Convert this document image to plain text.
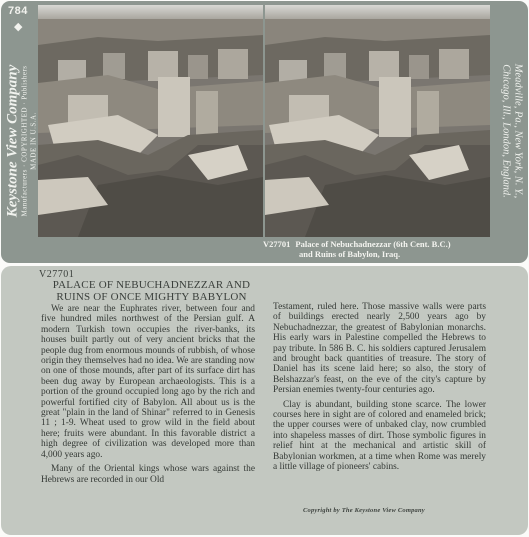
784
◆
Keystone View Company Manufacturers · COPYRIGHTED · Publishers MADE IN U.S.A.
V27701 Palace of Nebuchadnezzar (6th Cent. B.C.)
and Ruins of Babylon, Iraq.
Meadville, Pa., New York, N. Y.,
Chicago, Ill., London, England.
V27701
PALACE OF NEBUCHADNEZZAR AND
RUINS OF ONCE MIGHTY BABYLON

We are near the Euphrates river, between four and five hundred miles northwest of the Persian gulf. A modern Turkish town occupies the river-banks, its houses built partly out of very ancient bricks that the people dug from enormous mounds of rubbish, of whose origin they themselves had no idea. We are standing now on one of those mounds, after part of its surface dirt has been dug away by European archaeologists. This is a portion of the ground occupied long ago by the rich and powerful fortified city of Babylon. All about us is the great "plain in the land of Shinar" referred to in Genesis 11 ; 1-9. Wheat used to grow wild in the field about here; fruits were abundant. In this favorable district a high degree of civilization was developed more than 4,000 years ago.

Many of the Oriental kings whose wars against the Hebrews are recorded in our Old

Testament, ruled here. Those massive walls were parts of buildings erected nearly 2,500 years ago by Nebuchadnezzar, the greatest of Babylonian monarchs. His early wars in Palestine compelled the Hebrews to pay tribute. In 586 B. C. his soldiers captured Jerusalem and brought back quantities of treasure. The story of Daniel has its scene laid here; so also, the story of Belshazzar's feast, on the eve of the city's capture by Persian enemies twenty-four centuries ago.

Clay is abundant, building stone scarce. The lower courses here in sight are of colored and enameled brick; the upper courses were of unbaked clay, now crumbled into shapeless masses of dirt. Those symbolic figures in relief hint at the mechanical and artistic skill of Babylonian workmen, at a time when Rome was merely a little village of pioneers' cabins.

Copyright by The Keystone View Company
